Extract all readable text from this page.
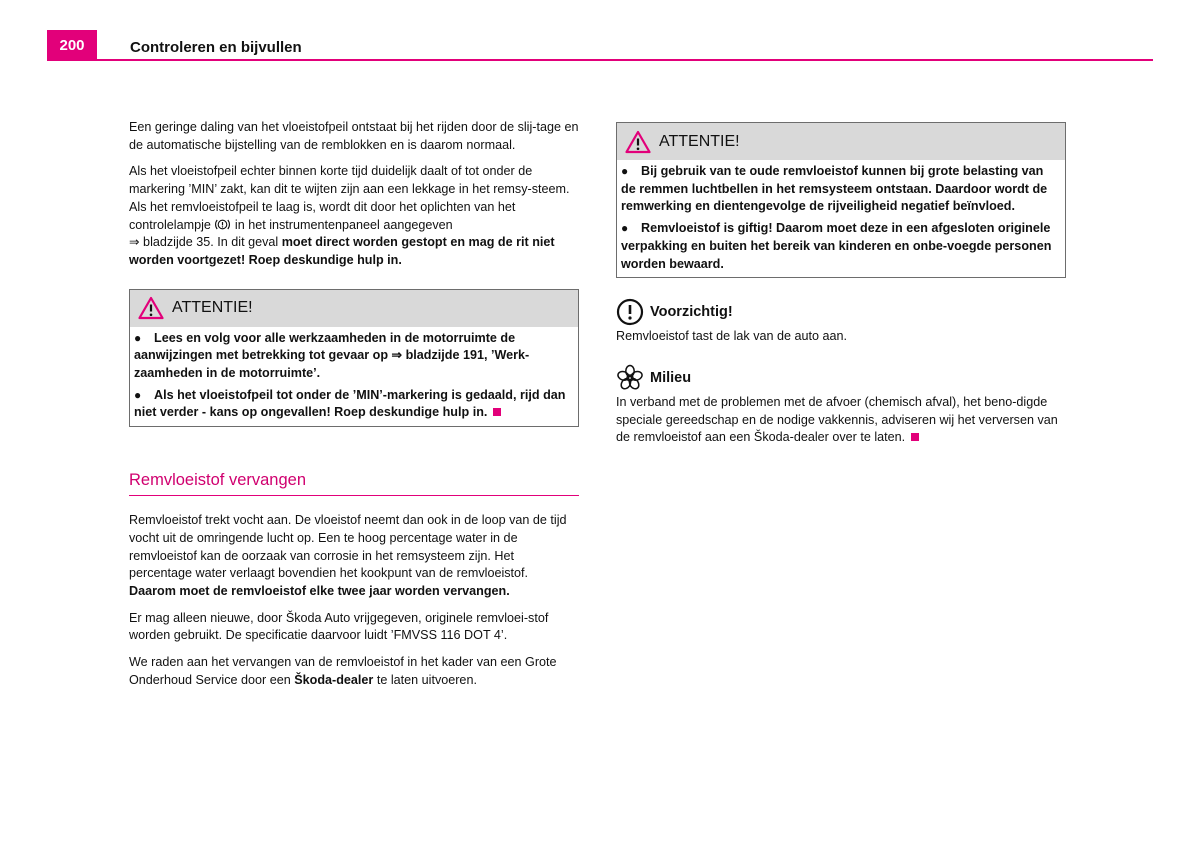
200	Controleren en bijvullen

Een geringe daling van het vloeistofpeil ontstaat bij het rijden door de slij-tage en de automatische bijstelling van de remblokken en is daarom normaal.

Als het vloeistofpeil echter binnen korte tijd duidelijk daalt of tot onder de markering ’MIN’ zakt, kan dit te wijten zijn aan een lekkage in het remsy-steem. Als het remvloeistofpeil te laag is, wordt dit door het oplichten van het controlelampje  in het instrumentenpaneel aangegeven
⇒ bladzijde 35. In dit geval moet direct worden gestopt en mag de rit niet worden voortgezet! Roep deskundige hulp in.

ATTENTIE!

● Lees en volg voor alle werkzaamheden in de motorruimte de aanwijzingen met betrekking tot gevaar op ⇒ bladzijde 191, ’Werk-zaamheden in de motorruimte’.

● Als het vloeistofpeil tot onder de ’MIN’-markering is gedaald, rijd dan niet verder - kans op ongevallen! Roep deskundige hulp in.

Remvloeistof vervangen

Remvloeistof trekt vocht aan. De vloeistof neemt dan ook in de loop van de tijd vocht uit de omringende lucht op. Een te hoog percentage water in de remvloeistof kan de oorzaak van corrosie in het remsysteem zijn. Het percentage water verlaagt bovendien het kookpunt van de remvloeistof.
Daarom moet de remvloeistof elke twee jaar worden vervangen.

Er mag alleen nieuwe, door Škoda Auto vrijgegeven, originele remvloei-stof worden gebruikt. De specificatie daarvoor luidt ’FMVSS 116 DOT 4’.

We raden aan het vervangen van de remvloeistof in het kader van een Grote Onderhoud Service door een Škoda-dealer te laten uitvoeren.

ATTENTIE!

● Bij gebruik van te oude remvloeistof kunnen bij grote belasting van de remmen luchtbellen in het remsysteem ontstaan. Daardoor wordt de remwerking en dientengevolge de rijveiligheid negatief beïnvloed.

● Remvloeistof is giftig! Daarom moet deze in een afgesloten originele verpakking en buiten het bereik van kinderen en onbe-voegde personen worden bewaard.

Voorzichtig!

Remvloeistof tast de lak van de auto aan.

Milieu

In verband met de problemen met de afvoer (chemisch afval), het beno-digde speciale gereedschap en de nodige vakkennis, adviseren wij het verversen van de remvloeistof aan een Škoda-dealer over te laten.
